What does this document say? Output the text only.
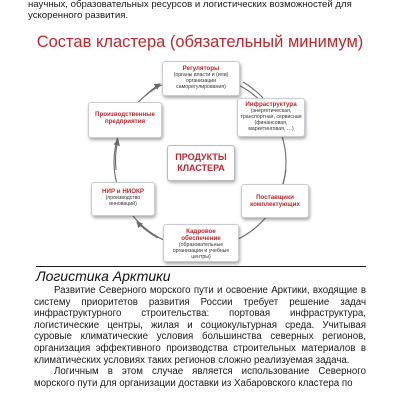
научных, образовательных ресурсов и логистических возможностей для
ускоренного развития.
Состав кластера (обязательный минимум)
Регуляторы
(органы власти и (или) организации саморегулирования)
Инфраструктура
(энергетическая, транспортная, сервисная (финансовая, маркетинговая, …)
Поставщики комплектующих
Кадровое обеспечение
(образовательные организации и учебные центры)
НИР и НИОКР
(производство инноваций)
Производственные предприятия
ПРОДУКТЫ
КЛАСТЕРА
Логистика Арктики

Развитие Северного морского пути и освоение Арктики, входящие в систему приоритетов развития России требует решение задач инфраструктурного строительства: портовая инфраструктура, логистические центры, жилая и социокультурная среда. Учитывая суровые климатические условия большинства северных регионов, организация эффективного производства строительных материалов в климатических условиях таких регионов сложно реализуемая задача.

Логичным в этом случае является использование Северного морского пути для организации доставки из Хабаровского кластера по
